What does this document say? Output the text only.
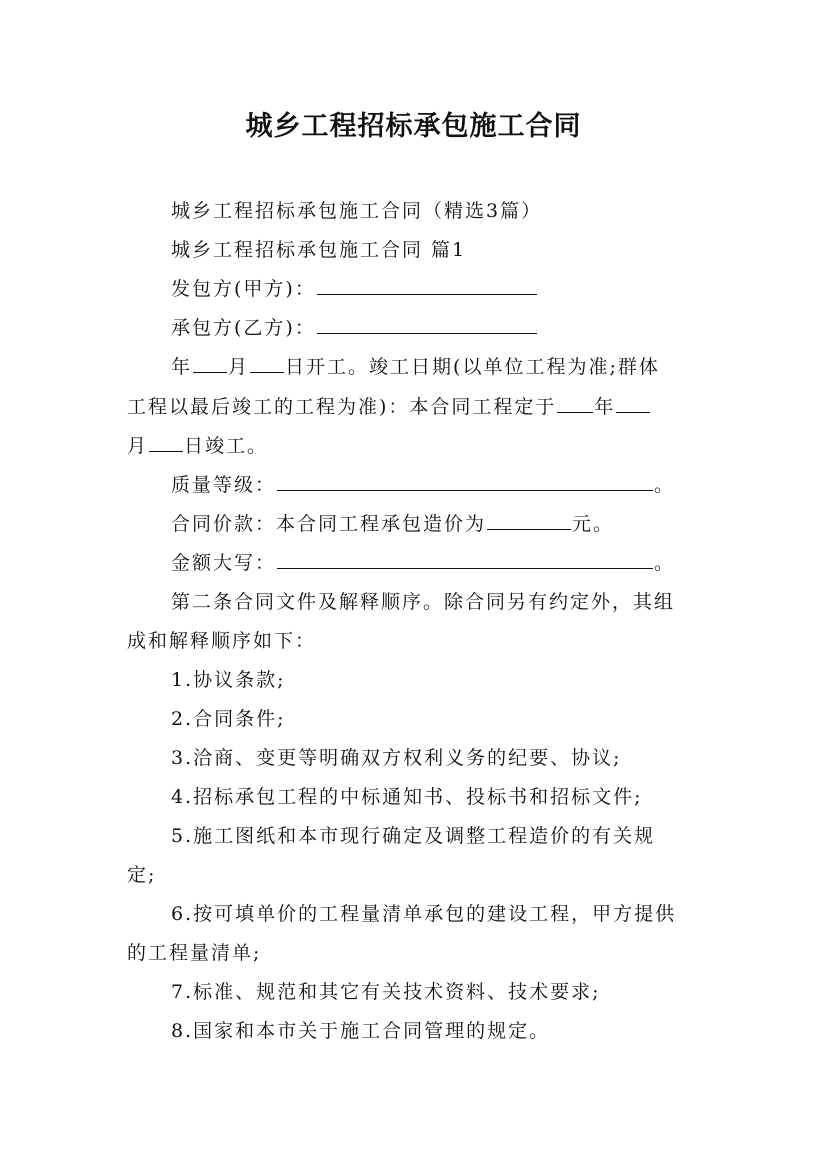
城乡工程招标承包施工合同
城乡工程招标承包施工合同（精选3篇）
城乡工程招标承包施工合同 篇1
发包方(甲方)：
承包方(乙方)：
年 月 日开工。竣工日期(以单位工程为准;群体
工程以最后竣工的工程为准)：本合同工程定于 年
月 日竣工。
质量等级：	。
合同价款：本合同工程承包造价为	元。
金额大写：	。
第二条合同文件及解释顺序。除合同另有约定外，其组
成和解释顺序如下：
1.协议条款;
2.合同条件;
3.洽商、变更等明确双方权利义务的纪要、协议;
4.招标承包工程的中标通知书、投标书和招标文件;
5.施工图纸和本市现行确定及调整工程造价的有关规
定;
6.按可填单价的工程量清单承包的建设工程，甲方提供
的工程量清单;
7.标准、规范和其它有关技术资料、技术要求;
8.国家和本市关于施工合同管理的规定。
